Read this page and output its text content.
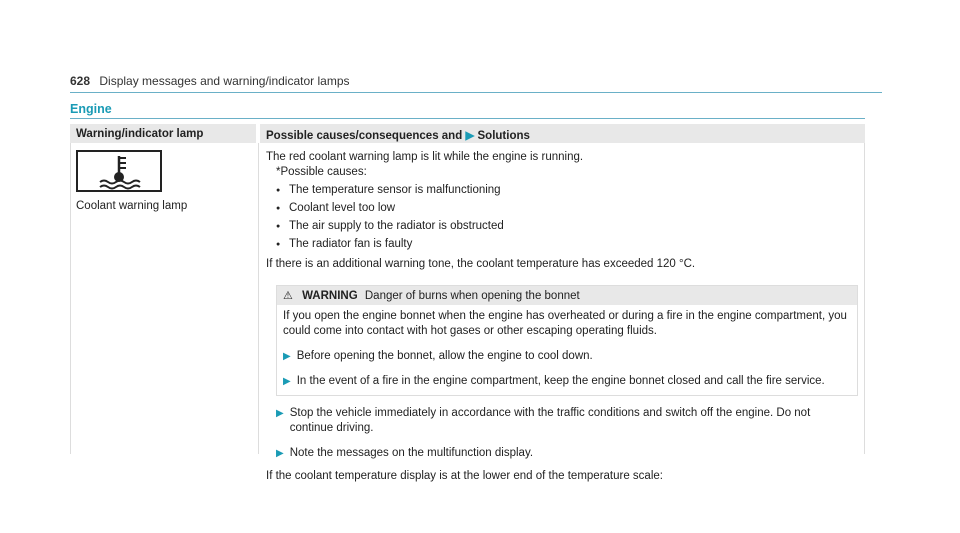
628 Display messages and warning/indicator lamps
Engine
Warning/indicator lamp	Possible causes/consequences and ▶ Solutions
Coolant warning lamp

The red coolant warning lamp is lit while the engine is running.

*Possible causes:

● The temperature sensor is malfunctioning
● Coolant level too low
● The air supply to the radiator is obstructed
● The radiator fan is faulty

If there is an additional warning tone, the coolant temperature has exceeded 120 °C.

⚠ WARNING Danger of burns when opening the bonnet

If you open the engine bonnet when the engine has overheated or during a fire in the engine compartment, you could come into contact with hot gases or other escaping operating fluids.

▶ Before opening the bonnet, allow the engine to cool down.

▶ In the event of a fire in the engine compartment, keep the engine bonnet closed and call the fire service.

▶ Stop the vehicle immediately in accordance with the traffic conditions and switch off the engine. Do not continue driving.

▶ Note the messages on the multifunction display.

If the coolant temperature display is at the lower end of the temperature scale:
